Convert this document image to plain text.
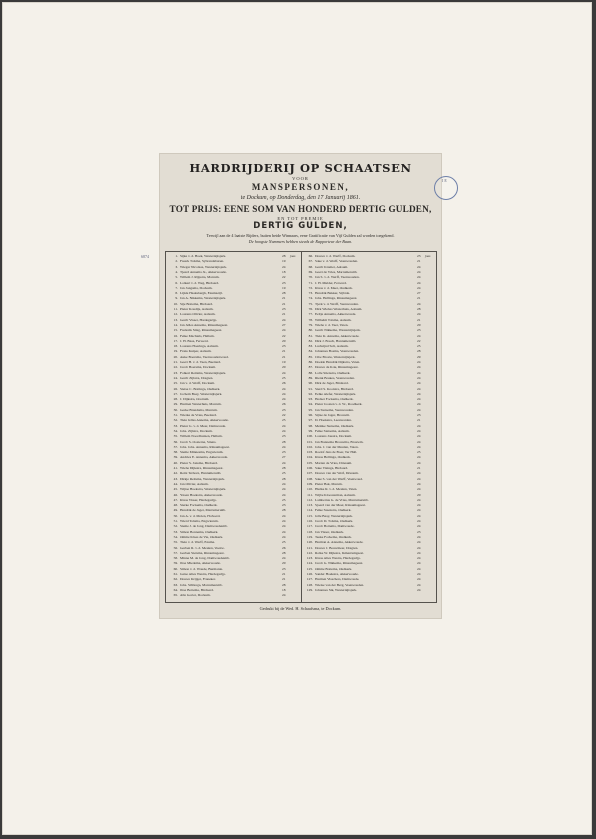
HARDRIJDERIJ OP SCHAATSEN
VOOR
MANSPERSONEN,
te Dockum, op Donderdag, den 17 Januarij 1861.
TOT PRIJS: EENE SOM VAN HONDERD DERTIG GULDEN,
EN TOT PREMIE
DERTIG GULDEN,
Terwijl aan de 4 laatste Rijders, buiten beide Winnaars, eene Gratificatie van Vijf Gulden zal worden toegekend.
De hoogste Nummers hebben steeds de Rapporteur der Baan.
1. Sijke v. d. Hoek, Westernijtsjerk.	28	jaar.
2. Freerk Tolsma, Sybrandaburen.	19
3. Wiegar Nicolaas, Westernijtsjerk.	24
4. Tjeerd Annema Jz., Akkerwoude.	18
5. Willem J. Rijpstra, Marrum.	22
6. Lolkert v. d. Weg, Birdaard.	23
7. Jan Jongsma, Dockum.	19
8. Lijkle Haaksbergh, Ezumazijl.	28
9. Jan A. Nikkema, Westernijtsjerk.	21
10. Sije Bottema, Birdaard.	21
11. Pieter Koudijs, Aalsum.	23
12. Lourens Olivier, Aalsum.	21
13. Gerrit Visser, Hardegarijp.	24
14. Jan Jelles Annema, Rinsumageest.	27
15. Frederik Silag, Rinsumageest.	24
16. Feike Machiels, Hallum.	22
17. J. H. Baas, Ferwerd.	20
18. Lourens Hoeringa, Aalsum.	23
19. Frans Kuiper, Aalsum.	21
20. Auke Boersma, Veenwouderwoud.	21
21. Geert H. v. d. Veen, Beetterd.	19
22. Jacob Boersma, Dockum.	20
23. Folkert Reitsma, Westernijtsjerk.	24
24. Gerrit Zijlstra, Dragten.	25
25. Jan v. d. Werff, Dockum.	26
26. Sietse C. Bottinga, Oudkerk.	24
27. Jochem Baay, Westernijtsjerk.	24
28. J. Dijkstra, Oostrum.	24
29. Harmen Westerhuis, Marrum.	26
30. Gerke Brandsma, Marrum.	23
31. Wierke de Vries, Beetterd.	22
32. Tiete Jelles Annema, Akkerwoude.	25
33. Pieter G. v. d. Meer, Damwoude.	24
34. Johs. Zijlstra, Dockum.	24
35. Willem Noordhuizen, Hallum.	23
36. Jacob S. Oosterna, Stiens.	28
37. Johs. Johs. Annema, Rinsumageest.	24
38. Sieme Minnesma, Engwierum.	23
39. Andries E. Annema, Akkerwoude.	27
40. Pieter S. Jansma, Birdaard.	24
41. Wiebe Dijkstra, Rinsumageest.	28
42. Reitz Terborn, Hantumeruitb.	25
43. Dirkje Reitsma, Westernijtsjerk.	28
44. Jan Olivier, Aalsum.	24
45. Wijtse Hoekstra, Westernijtsjerk.	24
46. Ynsen Hoekstra, Akkerwoude.	24
47. Klaas Visser, Hardegarijp.	25
48. Sierke Fockema, Oudkerk.	23
49. Hendrik de Jager, Marrumeruitb.	28
50. Jan A. v. d. Molen, Holwerd.	24
51. Wierd Tolsma, Engwierum.	24
52. Sieme J. de Jong, Damwoudeuitb.	24
53. Simon Bonnema, Oudkerk.	24
54. Omme Klaas de Vie, Oudkerk.	24
55. Tiete v. d. Werff, Ezuma.	25
56. Gerben R. v. d. Meulen, Veenw.	26
57. Gerben Sietsma, Rinsumageest.	28
58. Minne M. de Jong, Damwoudeuitb.	24
59. Jitse Miedema, Akkerwoude.	20
60. Simon v. d. Woude, Burmania.	23
61. Gatse Altes Westra, Hardegarijp.	21
62. Douwe Krijger, Franeker.	21
63. Johs. Sibbrega, Marrumeruitb.	28
64. Jitse Bottema, Birdaard.	18
65. Alle Gorter, Dockum.	24
66. Douwe v. d. Werff, Dockum.	23	jaar.
67. Sake v. d. Werff, Veenwouden.	21
68. Gerrit Kramer, Aalsum.	24
69. Geert de Vries, Marrumeruitb.	24
70. Jan S. v. d. Werff, Veenwouden.	24
71. J. H. Mulder, Ferwerd.	24
72. Klaas v. d. Meer, Oudkerk.	24
73. Hendrik Bakker, Sijbrde.	27
74. Johs. Hellinga, Rinsumageest.	21
75. Tjerk v. d. Werff, Veenwouden.	24
76. Dirk Wiebes Westerhuis, Aalsum.	28
77. Eeltje Annema, Akkerwoude.	24
78. Wilhelm Tolsma, Aalsum.	21
79. Wiebe v. d. Veer, Vaten.	20
80. Gerrit Nikkema, Westernijtsjerk.	23
81. Tiete K. Annema, Akkerwoude.	24
82. Dirk J. Bosch, Hantumeruitb.	22
83. Ludwijnd Soli, Aalsum.	25
84. Johannes Bosma, Veenwouden.	28
85. Cibe Brouw, Westernijtsjerk.	29
86. Doekle Hendrik Dijkstra, Vaten.	24
87. Douwe de Kok, Rinsumageest.	24
88. Lolle Stienstra, Oudkerk.	24
89. Rienk Boskes, Veenwouden.	24
90. Dirk de Jager, Birdaard.	24
91. Sierd S. Kooistra, Birdaard.	24
92. Eelke Alefer, Westernijtsjerk.	24
93. Hedser Fockema, Oudkerk.	24
94. Pieter Joosten v. d. W., Roodkerk.	24
95. Jan Sietsema, Veenwouden.	24
96. Sijtse de Jager, Brouwm.	23
97. D. Hoekstra, Leeuwarden.	21
98. Meinke Sietsema, Oudkerk.	24
99. Feike Sietsema, Aalsum.	24
100. Lourens Joustra, Dockum.	24
101. Jan Bonnema Brouwma, Brouwm.	24
102. Johs. J. van der Meulen, Vaten.	24
103. Roelof Jans de Boer, Ter Hall.	25
104. Klaas Hellinga, Oudkerk.	24
105. Marten de Vries, Driesum.	24
106. Sake Visinga, Birdaard.	21
107. Douwe van der Werf, Driesum.	24
108. Sake S. van der Werff, Veenwoud.	24
109. Pieter Bak, Marum.	24
110. Hielke R. v. d. Meulen, Vaten.	24
111. Wijbe Kloosterman, Aalsum.	20
112. Lambertus G. de Vries, Marrumeruitb.	24
113. Sjoerd van der Meer, Rinsumageest.	24
114. Feike Steenstra, Oudkerk.	24
115. Jelle Baay, Westernijtsjerk.	24
116. Jacob D. Tolsma, Oudkerk.	24
117. Jacob Bottema, Damwoude.	24
118. Jan Visser, Oudkerk.	23
119. Teeke Fockema, Oudkerk.	24
120. Herman A. Annema, Akkerwoude.	24
121. Douwe J. Bouwmeer, Dragten.	24
122. Rolke W. Dijkstra, Ikmarrumgeest.	24
123. Klaas Altes Westra, Hardegarijp.	24
124. Jacob G. Nikkema, Rinsumageest.	24
125. Omme Bottema, Oudkerk.	24
126. Sander Hoekstra, Akkerwoude.	24
127. Harmen Visschers, Damwoude.	24
128. Wietse van der Berg, Veenwouden.	24
129. Johannes Sik, Westernijtsjerk.	24
Gedrukt bij de Wed. H. Schaafsma, te Dockum.
6874
I E
